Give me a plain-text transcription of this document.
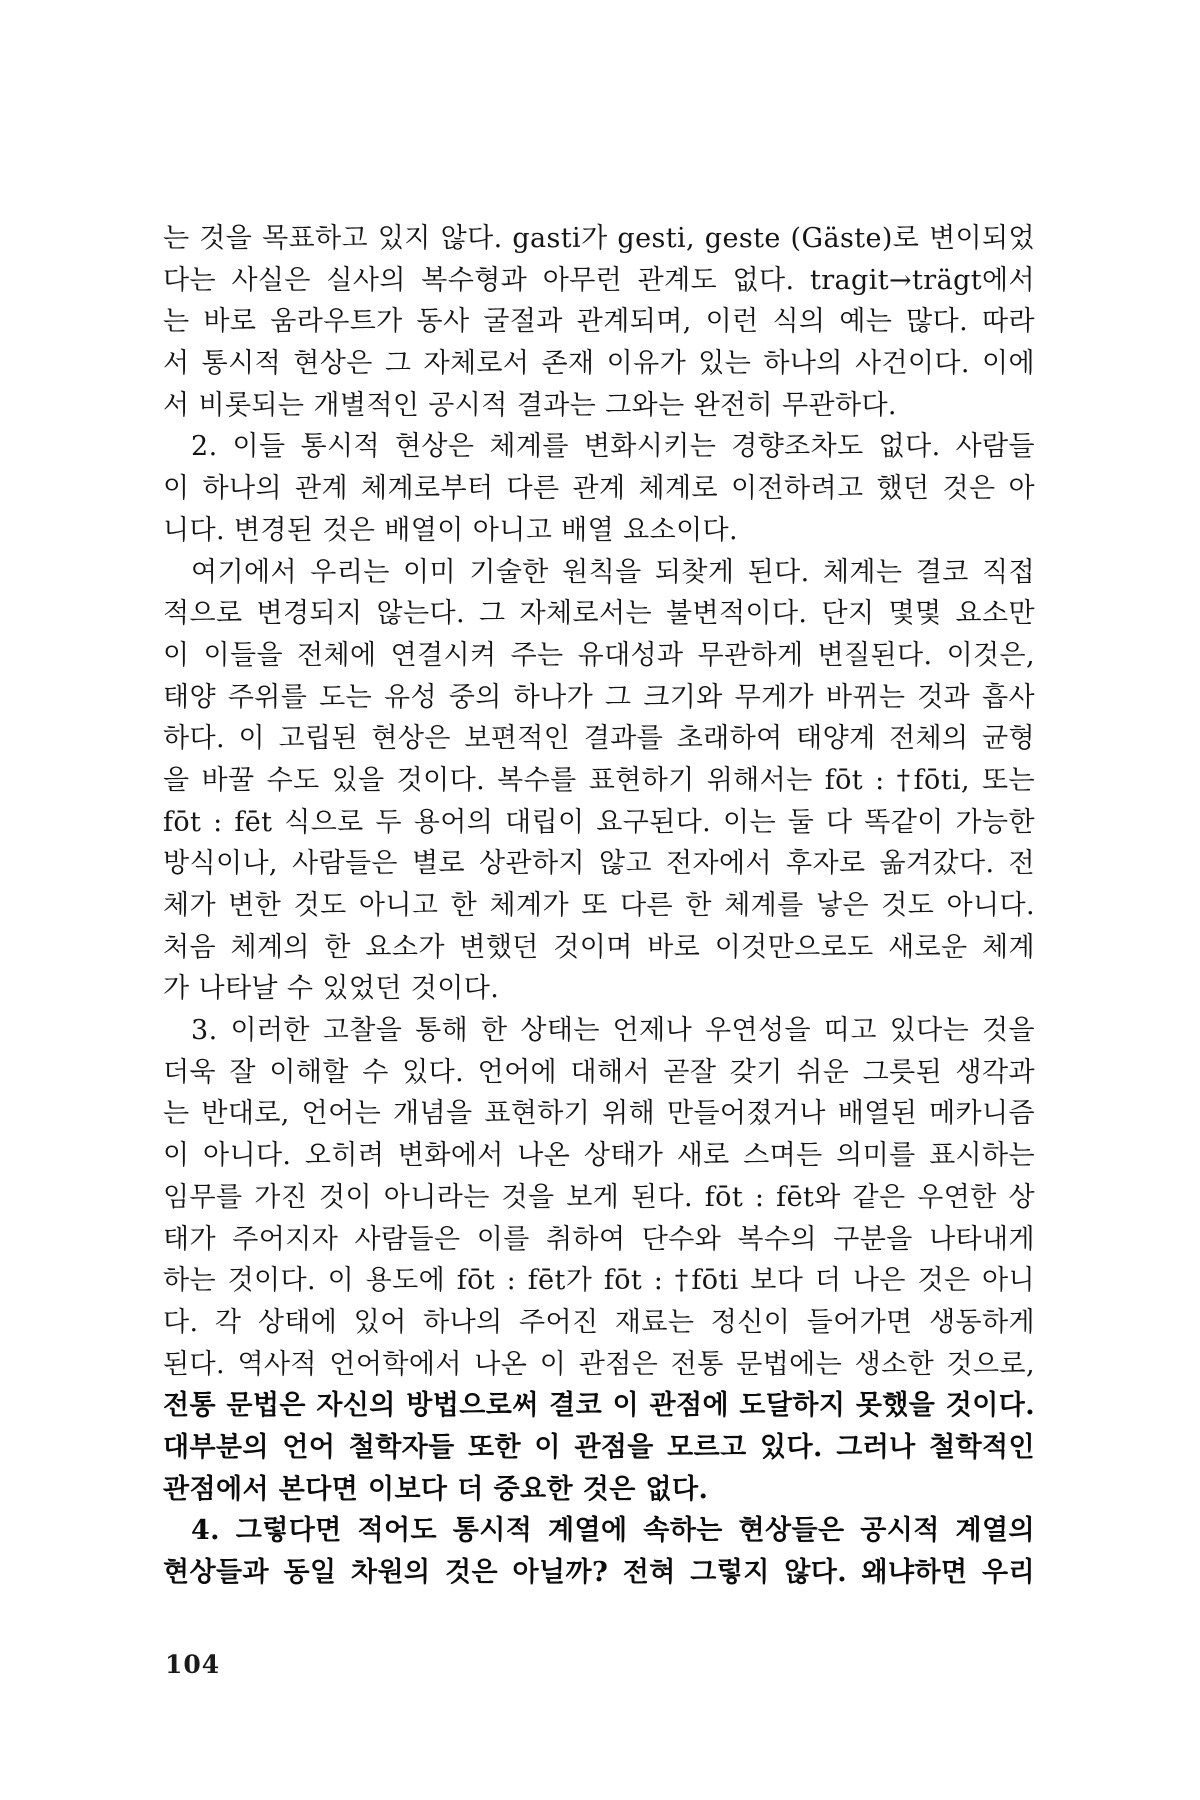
는 것을 목표하고 있지 않다. gasti가 gesti, geste (Gäste)로 변이되었
다는 사실은 실사의 복수형과 아무런 관계도 없다. tragit→trägt에서
는 바로 움라우트가 동사 굴절과 관계되며, 이런 식의 예는 많다. 따라
서 통시적 현상은 그 자체로서 존재 이유가 있는 하나의 사건이다. 이에
서 비롯되는 개별적인 공시적 결과는 그와는 완전히 무관하다.
2. 이들 통시적 현상은 체계를 변화시키는 경향조차도 없다. 사람들
이 하나의 관계 체계로부터 다른 관계 체계로 이전하려고 했던 것은 아
니다. 변경된 것은 배열이 아니고 배열 요소이다.
여기에서 우리는 이미 기술한 원칙을 되찾게 된다. 체계는 결코 직접
적으로 변경되지 않는다. 그 자체로서는 불변적이다. 단지 몇몇 요소만
이 이들을 전체에 연결시켜 주는 유대성과 무관하게 변질된다. 이것은,
태양 주위를 도는 유성 중의 하나가 그 크기와 무게가 바뀌는 것과 흡사
하다. 이 고립된 현상은 보편적인 결과를 초래하여 태양계 전체의 균형
을 바꿀 수도 있을 것이다. 복수를 표현하기 위해서는 fōt : †fōti, 또는
fōt : fēt 식으로 두 용어의 대립이 요구된다. 이는 둘 다 똑같이 가능한
방식이나, 사람들은 별로 상관하지 않고 전자에서 후자로 옮겨갔다. 전
체가 변한 것도 아니고 한 체계가 또 다른 한 체계를 낳은 것도 아니다.
처음 체계의 한 요소가 변했던 것이며 바로 이것만으로도 새로운 체계
가 나타날 수 있었던 것이다.
3. 이러한 고찰을 통해 한 상태는 언제나 우연성을 띠고 있다는 것을
더욱 잘 이해할 수 있다. 언어에 대해서 곧잘 갖기 쉬운 그릇된 생각과
는 반대로, 언어는 개념을 표현하기 위해 만들어졌거나 배열된 메카니즘
이 아니다. 오히려 변화에서 나온 상태가 새로 스며든 의미를 표시하는
임무를 가진 것이 아니라는 것을 보게 된다. fōt : fēt와 같은 우연한 상
태가 주어지자 사람들은 이를 취하여 단수와 복수의 구분을 나타내게
하는 것이다. 이 용도에 fōt : fēt가 fōt : †fōti 보다 더 나은 것은 아니
다. 각 상태에 있어 하나의 주어진 재료는 정신이 들어가면 생동하게
된다. 역사적 언어학에서 나온 이 관점은 전통 문법에는 생소한 것으로,
전통 문법은 자신의 방법으로써 결코 이 관점에 도달하지 못했을 것이다.
대부분의 언어 철학자들 또한 이 관점을 모르고 있다. 그러나 철학적인
관점에서 본다면 이보다 더 중요한 것은 없다.
4. 그렇다면 적어도 통시적 계열에 속하는 현상들은 공시적 계열의
현상들과 동일 차원의 것은 아닐까? 전혀 그렇지 않다. 왜냐하면 우리
104
